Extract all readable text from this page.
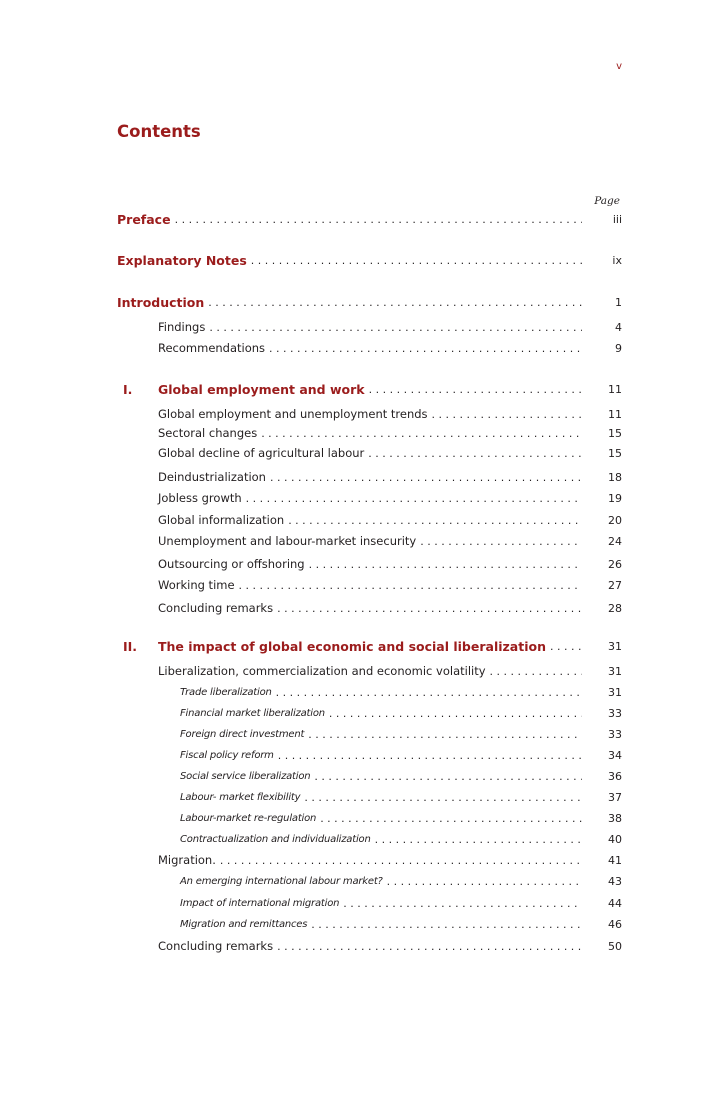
v
Contents
Page
Preface . . .	iii
Explanatory Notes . . .	ix
Introduction . . .	1
Findings . . .	4
Recommendations . . .	9
I.	Global employment and work . . .	11
Global employment and unemployment trends . . .	11
Sectoral changes . . .	15
Global decline of agricultural labour . . .	15
Deindustrialization . . .	18
Jobless growth . . .	19
Global informalization . . .	20
Unemployment and labour-market insecurity . . .	24
Outsourcing or offshoring . . .	26
Working time . . .	27
Concluding remarks . . .	28
II.	The impact of global economic and social liberalization . . .	31
Liberalization, commercialization and economic volatility . . .	31
Trade liberalization . . .	31
Financial market liberalization . . .	33
Foreign direct investment . . .	33
Fiscal policy reform . . .	34
Social service liberalization . . .	36
Labour- market flexibility . . .	37
Labour-market re-regulation . . .	38
Contractualization and individualization . . .	40
Migration. . . .	41
An emerging international labour market? . . .	43
Impact of international migration . . .	44
Migration and remittances . . .	46
Concluding remarks . . .	50
